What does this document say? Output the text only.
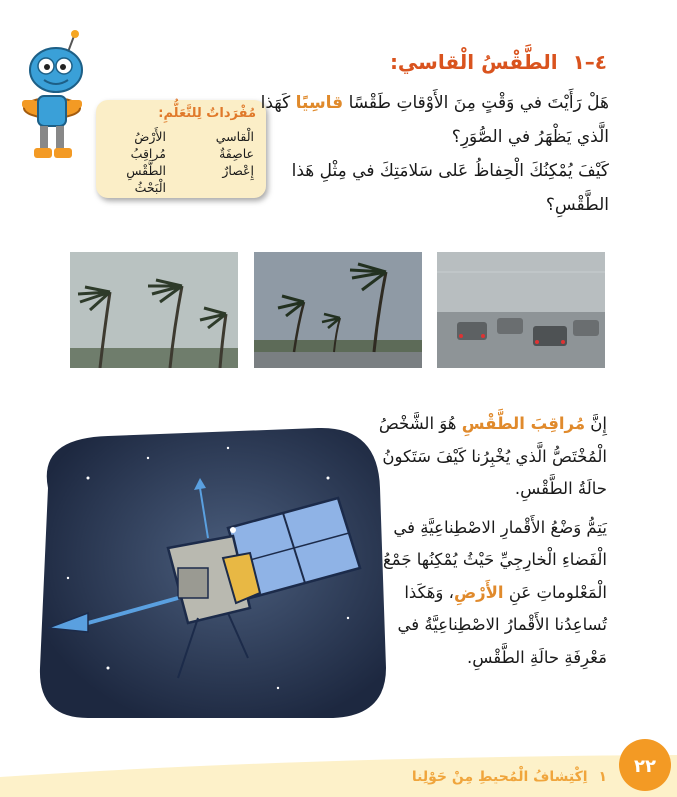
مُفْرَداتٌ لِلتَّعَلُّمِ:
الْقاسي
عاصِفَةٌ
إِعْصارٌ
الأَرْضُ
مُراقِبُ الطَّقْسِ
الْبَحْثُ
٤–١ الطَّقْسُ الْقاسي:
هَلْ رَأَيْتَ في وَقْتٍ مِنَ الأَوْقاتِ طَقْسًا قاسِيًا كَهَذا الَّذي يَظْهَرُ في الصُّوَرِ؟
كَيْفَ يُمْكِنُكَ الْحِفاظُ عَلى سَلامَتِكَ في مِثْلِ هَذا الطَّقْسِ؟
إِنَّ مُراقِبَ الطَّقْسِ هُوَ الشَّخْصُ الْمُخْتَصُّ الَّذي يُخْبِرُنا كَيْفَ سَتَكونُ حالَةُ الطَّقْسِ.
يَتِمُّ وَضْعُ الأَقْمارِ الاصْطِناعِيَّةِ في الْفَضاءِ الْخارِجِيِّ حَيْثُ يُمْكِنُها جَمْعُ الْمَعْلوماتِ عَنِ الأَرْضِ، وَهَكَذا تُساعِدُنا الأَقْمارُ الاصْطِناعِيَّةُ في مَعْرِفَةِ حالَةِ الطَّقْسِ.
١ اِكْتِشافُ الْمُحيطِ مِنْ حَوْلِنا	٢٢
